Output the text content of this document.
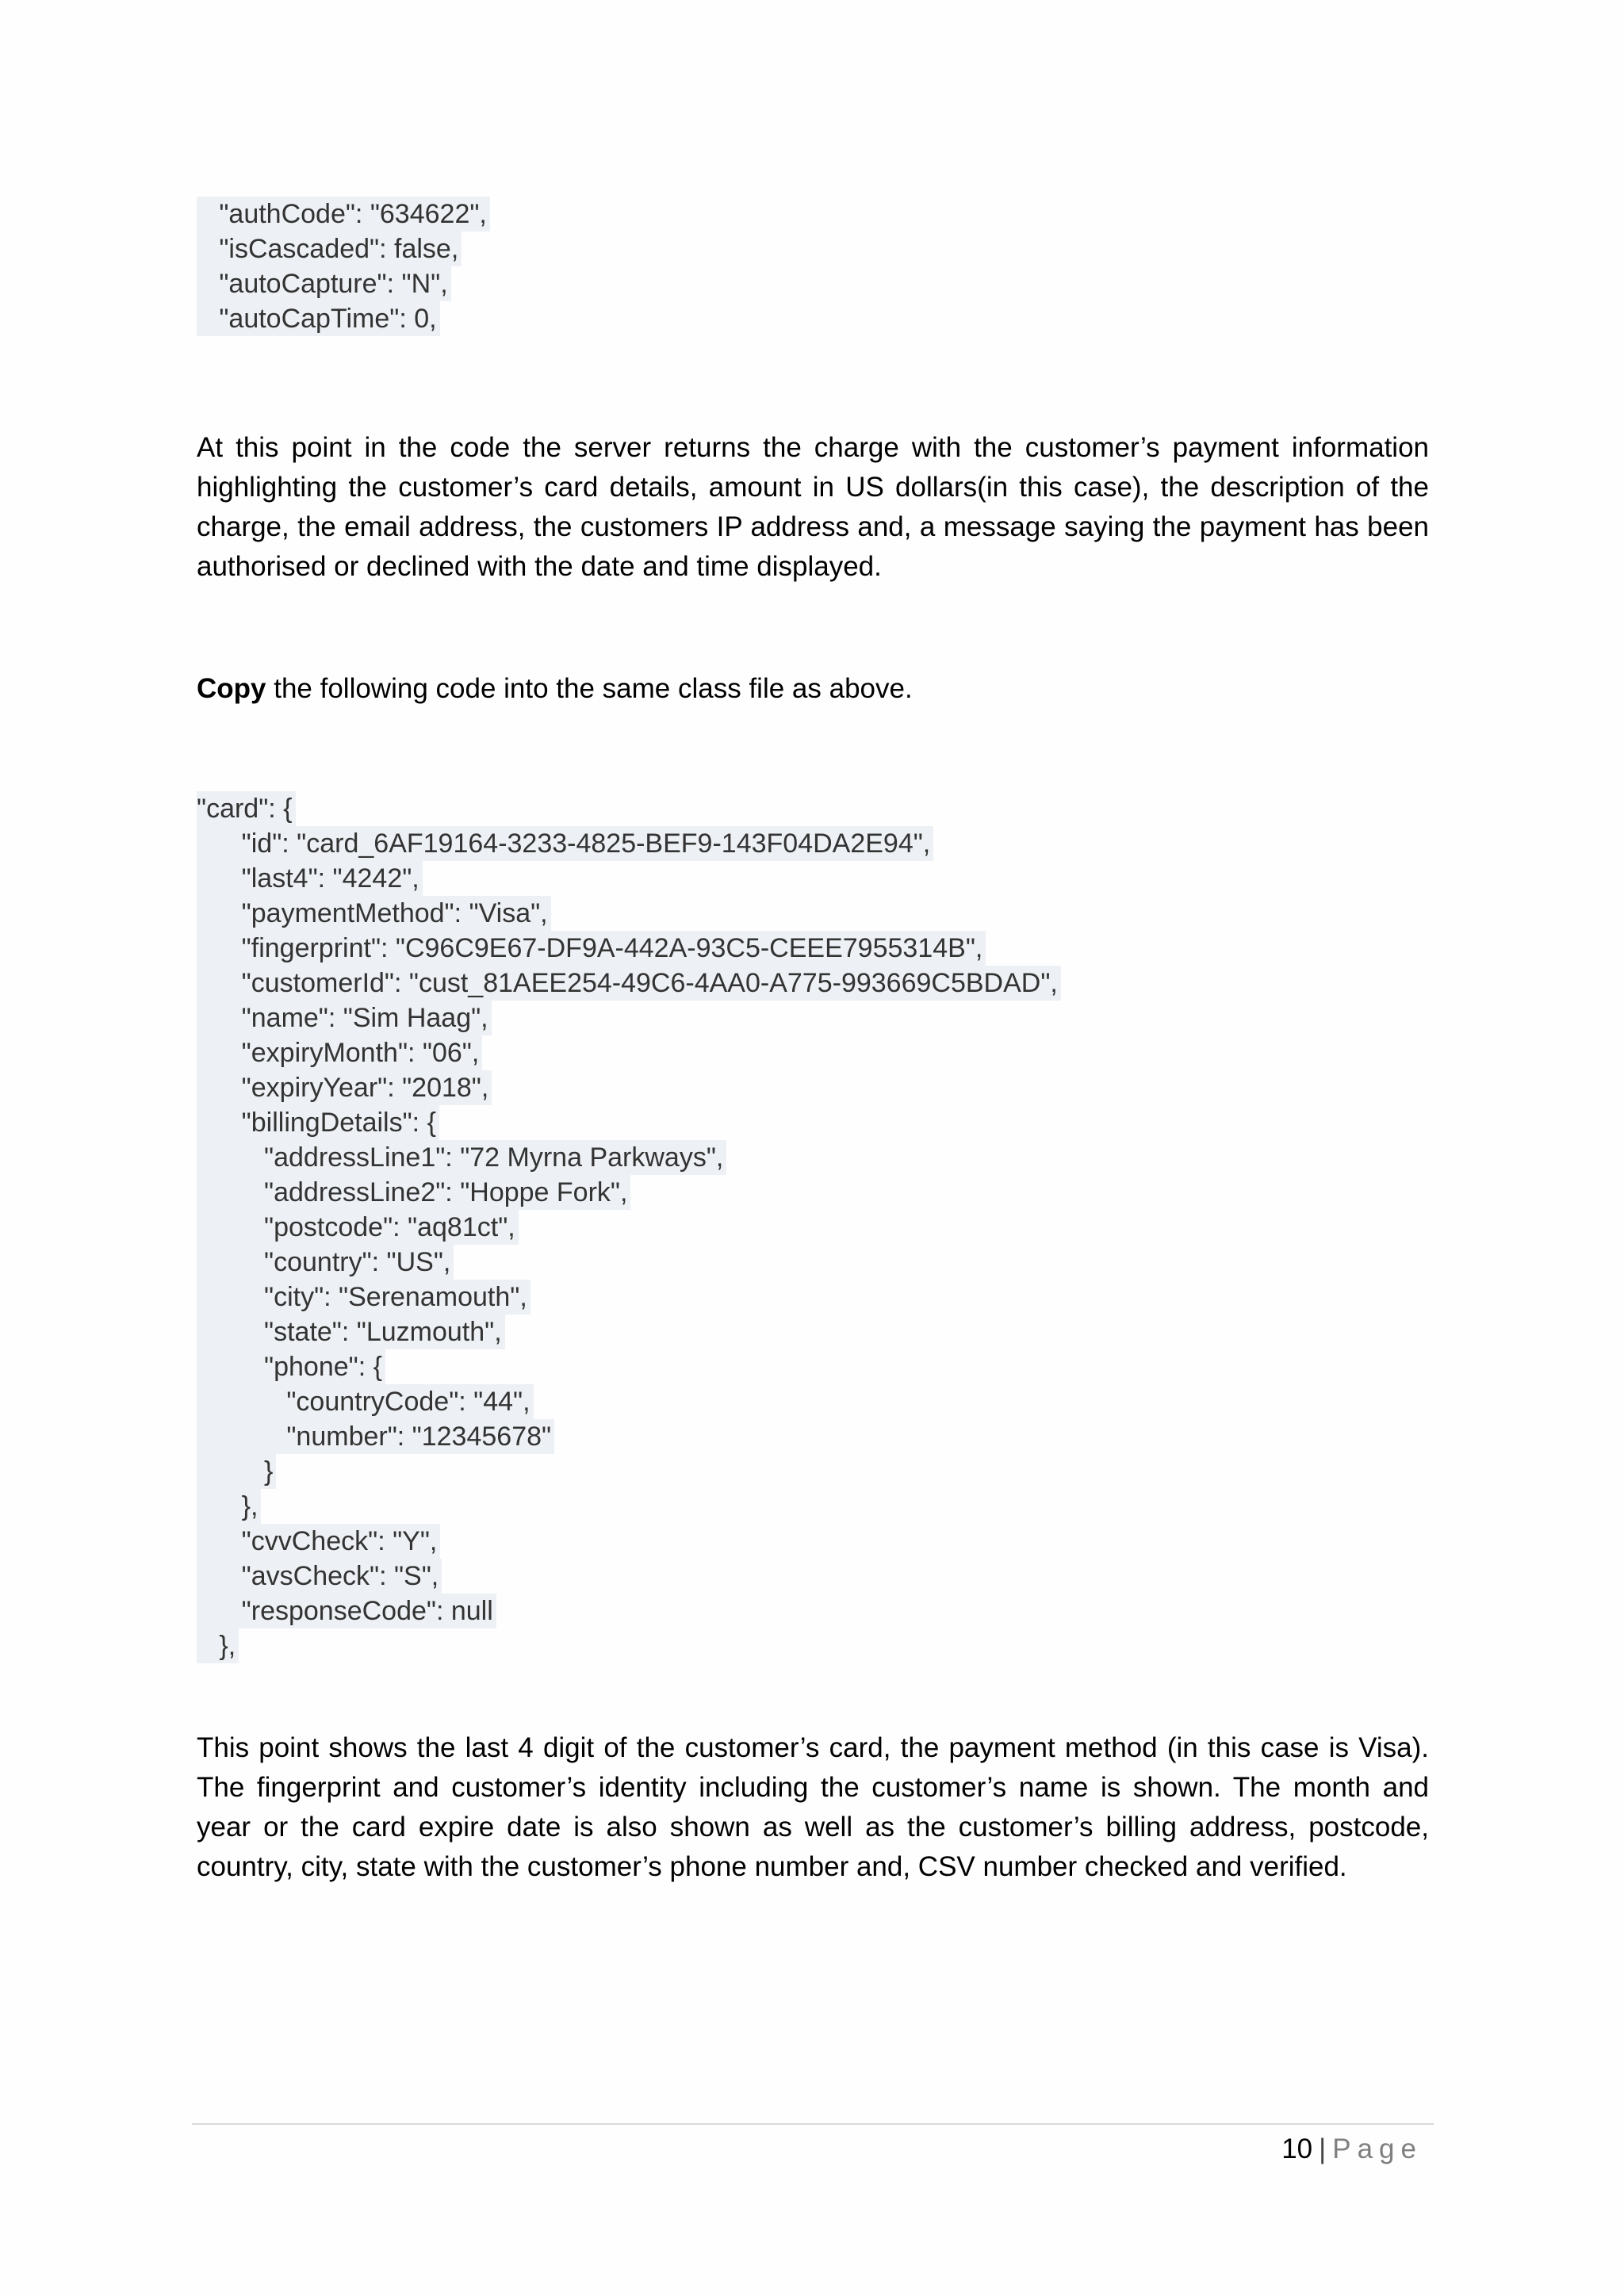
"authCode": "634622",
"isCascaded": false,
"autoCapture": "N",
"autoCapTime": 0,

At this point in the code the server returns the charge with the customer’s payment information highlighting the customer’s card details, amount in US dollars(in this case), the description of the charge, the email address, the customers IP address and, a message saying the payment has been authorised or declined with the date and time displayed.

Copy the following code into the same class file as above.

"card": {
"id": "card_6AF19164-3233-4825-BEF9-143F04DA2E94",
"last4": "4242",
"paymentMethod": "Visa",
"fingerprint": "C96C9E67-DF9A-442A-93C5-CEEE7955314B",
"customerId": "cust_81AEE254-49C6-4AA0-A775-993669C5BDAD",
"name": "Sim Haag",
"expiryMonth": "06",
"expiryYear": "2018",
"billingDetails": {
"addressLine1": "72 Myrna Parkways",
"addressLine2": "Hoppe Fork",
"postcode": "aq81ct",
"country": "US",
"city": "Serenamouth",
"state": "Luzmouth",
"phone": {
"countryCode": "44",
"number": "12345678"
}
},
"cvvCheck": "Y",
"avsCheck": "S",
"responseCode": null
},

This point shows the last 4 digit of the customer’s card, the payment method (in this case is Visa). The fingerprint and customer’s identity including the customer’s name is shown. The month and year or the card expire date is also shown as well as the customer’s billing address, postcode, country, city, state with the customer’s phone number and, CSV number checked and verified.

10 | Page
